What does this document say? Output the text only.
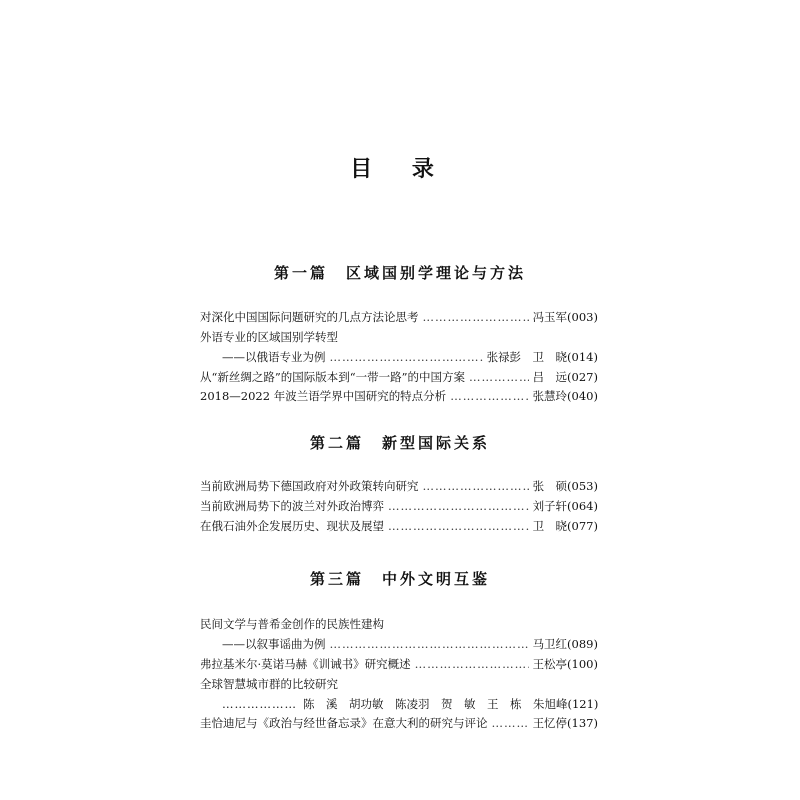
目 录
第一篇　区域国别学理论与方法
对深化中国国际问题研究的几点方法论思考 ……………………………………………………………………………………………………	冯玉军(003)
外语专业的区域国别学转型
——以俄语专业为例 ……………………………………………………………………………………………………	张禄彭　卫　晓(014)
从“新丝绸之路”的国际版本到“一带一路”的中国方案 ……………………………………………………………………………………………………	吕　远(027)
2018—2022 年波兰语学界中国研究的特点分析 ……………………………………………………………………………………………………	张慧玲(040)
第二篇　新型国际关系
当前欧洲局势下德国政府对外政策转向研究 ……………………………………………………………………………………………………	张　硕(053)
当前欧洲局势下的波兰对外政治博弈 ……………………………………………………………………………………………………	刘子轩(064)
在俄石油外企发展历史、现状及展望 ……………………………………………………………………………………………………	卫　晓(077)
第三篇　中外文明互鉴
民间文学与普希金创作的民族性建构
——以叙事谣曲为例 ……………………………………………………………………………………………………	马卫红(089)
弗拉基米尔·莫诺马赫《训诫书》研究概述 ……………………………………………………………………………………………………	王松亭(100)
全球智慧城市群的比较研究
……………… 陈　溪　胡功敏　陈凌羽　贺　敏　王　栋　朱旭峰(121)
圭恰迪尼与《政治与经世备忘录》在意大利的研究与评论 ……………………………………………………………………………………………………	王忆停(137)
